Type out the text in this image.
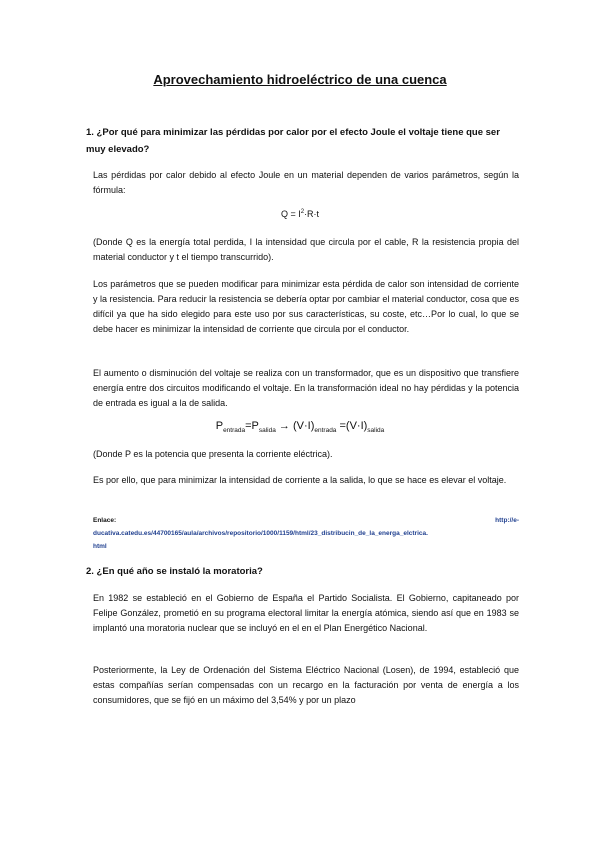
Aprovechamiento hidroeléctrico de una cuenca
1. ¿Por qué para minimizar las pérdidas por calor por el efecto Joule el voltaje tiene que ser muy elevado?
Las pérdidas por calor debido al efecto Joule en un material dependen de varios parámetros, según la fórmula:
$Q = I^2\cdot R\cdot t$
(Donde Q es la energía total perdida, I la intensidad que circula por el cable, R la resistencia propia del material conductor y t el tiempo transcurrido).
Los parámetros que se pueden modificar para minimizar esta pérdida de calor son intensidad de corriente y la resistencia. Para reducir la resistencia se debería optar por cambiar el material conductor, cosa que es difícil ya que ha sido elegido para este uso por sus características, su coste, etc…Por lo cual, lo que se debe hacer es minimizar la intensidad de corriente que circula por el conductor.
El aumento o disminución del voltaje se realiza con un transformador, que es un dispositivo que transfiere energía entre dos circuitos modificando el voltaje. En la transformación ideal no hay pérdidas y la potencia de entrada es igual a la de salida.
$P_{entrada}=P_{salida} \to (V\cdot I)_{entrada} =(V\cdot I)_{salida}$
(Donde P es la potencia que presenta la corriente eléctrica).
Es por ello, que para minimizar la intensidad de corriente a la salida, lo que se hace es elevar el voltaje.
Enlace:	http://e-
ducativa.catedu.es/44700165/aula/archivos/repositorio/1000/1159/html/23_distribucin_de_la_energa_elctrica.
html
2. ¿En qué año se instaló la moratoria?
En 1982 se estableció en el Gobierno de España el Partido Socialista. El Gobierno, capitaneado por Felipe González, prometió en su programa electoral limitar la energía atómica, siendo así que en 1983 se implantó una moratoria nuclear que se incluyó en el en el Plan Energético Nacional.
Posteriormente, la Ley de Ordenación del Sistema Eléctrico Nacional (Losen), de 1994, estableció que estas compañías serían compensadas con un recargo en la facturación por venta de energía a los consumidores, que se fijó en un máximo del 3,54% y por un plazo
